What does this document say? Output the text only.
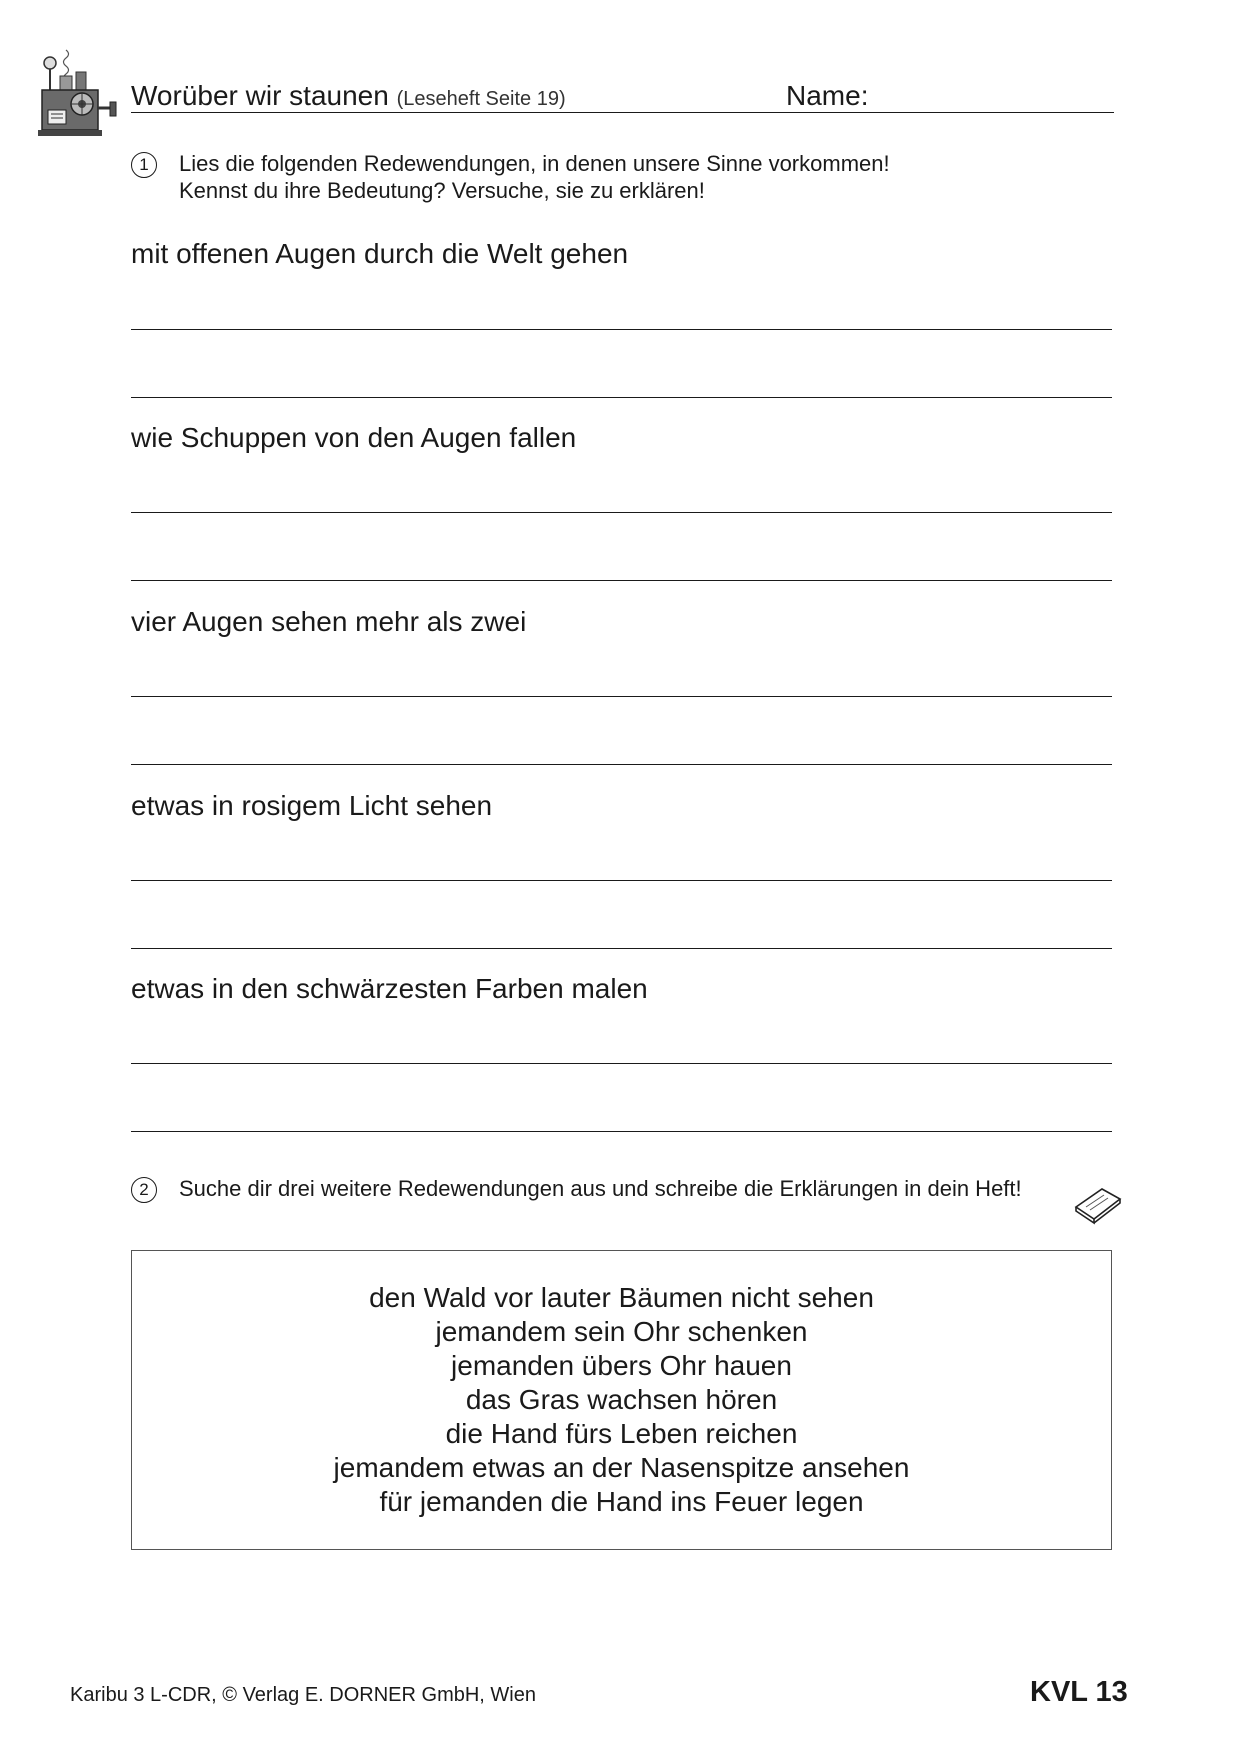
Worüber wir staunen (Leseheft Seite 19)	Name:
1	Lies die folgenden Redewendungen, in denen unsere Sinne vorkommen!
Kennst du ihre Bedeutung? Versuche, sie zu erklären!
mit offenen Augen durch die Welt gehen
wie Schuppen von den Augen fallen
vier Augen sehen mehr als zwei
etwas in rosigem Licht sehen
etwas in den schwärzesten Farben malen
2	Suche dir drei weitere Redewendungen aus und schreibe die Erklärungen in dein Heft!
den Wald vor lauter Bäumen nicht sehen
jemandem sein Ohr schenken
jemanden übers Ohr hauen
das Gras wachsen hören
die Hand fürs Leben reichen
jemandem etwas an der Nasenspitze ansehen
für jemanden die Hand ins Feuer legen
Karibu 3 L-CDR, © Verlag E. DORNER GmbH, Wien	KVL 13
